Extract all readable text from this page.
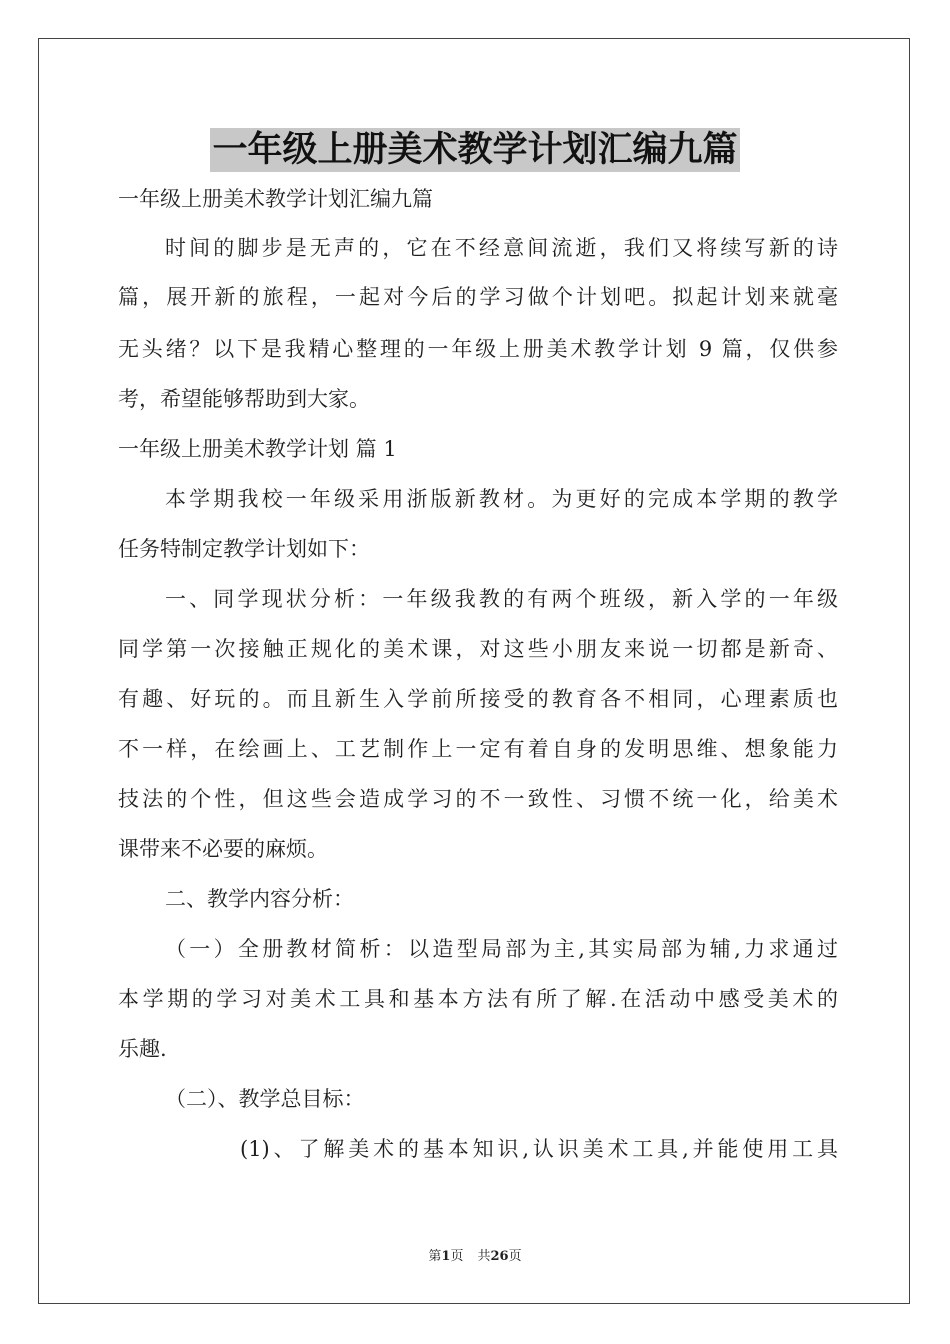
一年级上册美术教学计划汇编九篇
一年级上册美术教学计划汇编九篇
时间的脚步是无声的，它在不经意间流逝，我们又将续写新的诗
篇，展开新的旅程，一起对今后的学习做个计划吧。拟起计划来就毫
无头绪？以下是我精心整理的一年级上册美术教学计划 9 篇，仅供参
考，希望能够帮助到大家。
一年级上册美术教学计划 篇 1
本学期我校一年级采用浙版新教材。为更好的完成本学期的教学
任务特制定教学计划如下：
一、同学现状分析：一年级我教的有两个班级，新入学的一年级
同学第一次接触正规化的美术课，对这些小朋友来说一切都是新奇、
有趣、好玩的。而且新生入学前所接受的教育各不相同，心理素质也
不一样，在绘画上、工艺制作上一定有着自身的发明思维、想象能力
技法的个性，但这些会造成学习的不一致性、习惯不统一化，给美术
课带来不必要的麻烦。
二、教学内容分析：
（一）全册教材简析：以造型局部为主,其实局部为辅,力求通过
本学期的学习对美术工具和基本方法有所了解.在活动中感受美术的
乐趣.
（二）、教学总目标：
(1)、了解美术的基本知识,认识美术工具,并能使用工具
第1页 共26页
